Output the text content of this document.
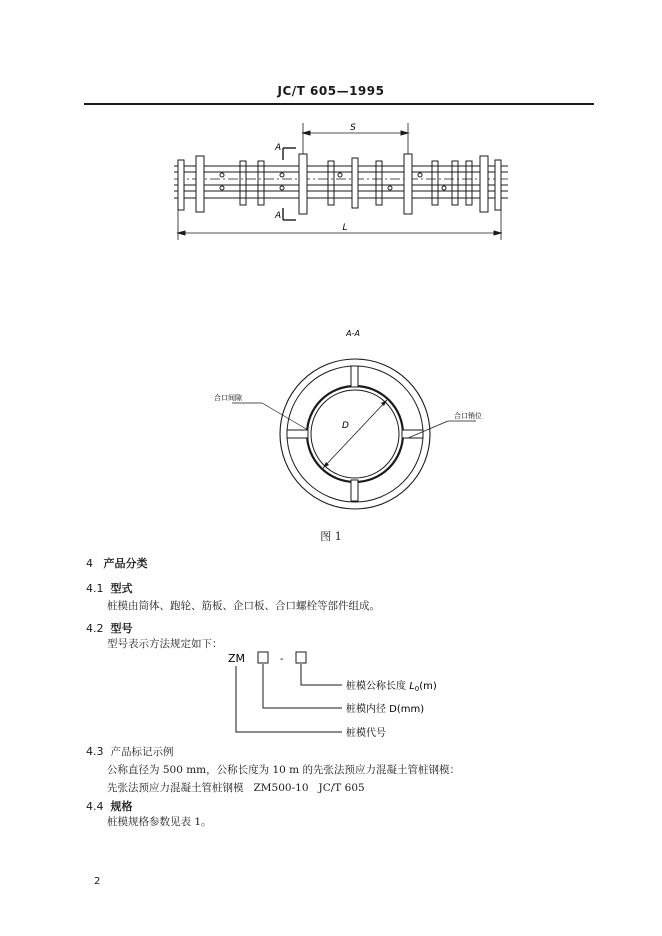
JC/T 605—1995
S
A
A
L
A-A
D
合口间隙
合口销位
图 1
4 产品分类
4.1 型式
桩模由筒体、跑轮、筋板、企口板、合口螺栓等部件组成。
4.2 型号
型号表示方法规定如下：
ZM	-
桩模公称长度 $L_0(m)$
桩模内径 D(mm)
桩模代号
4.3 产品标记示例
公称直径为 500 mm，公称长度为 10 m 的先张法预应力混凝土管桩钢模：
先张法预应力混凝土管桩钢模   ZM500-10   JC/T 605
4.4 规格
桩模规格参数见表 1。
2
